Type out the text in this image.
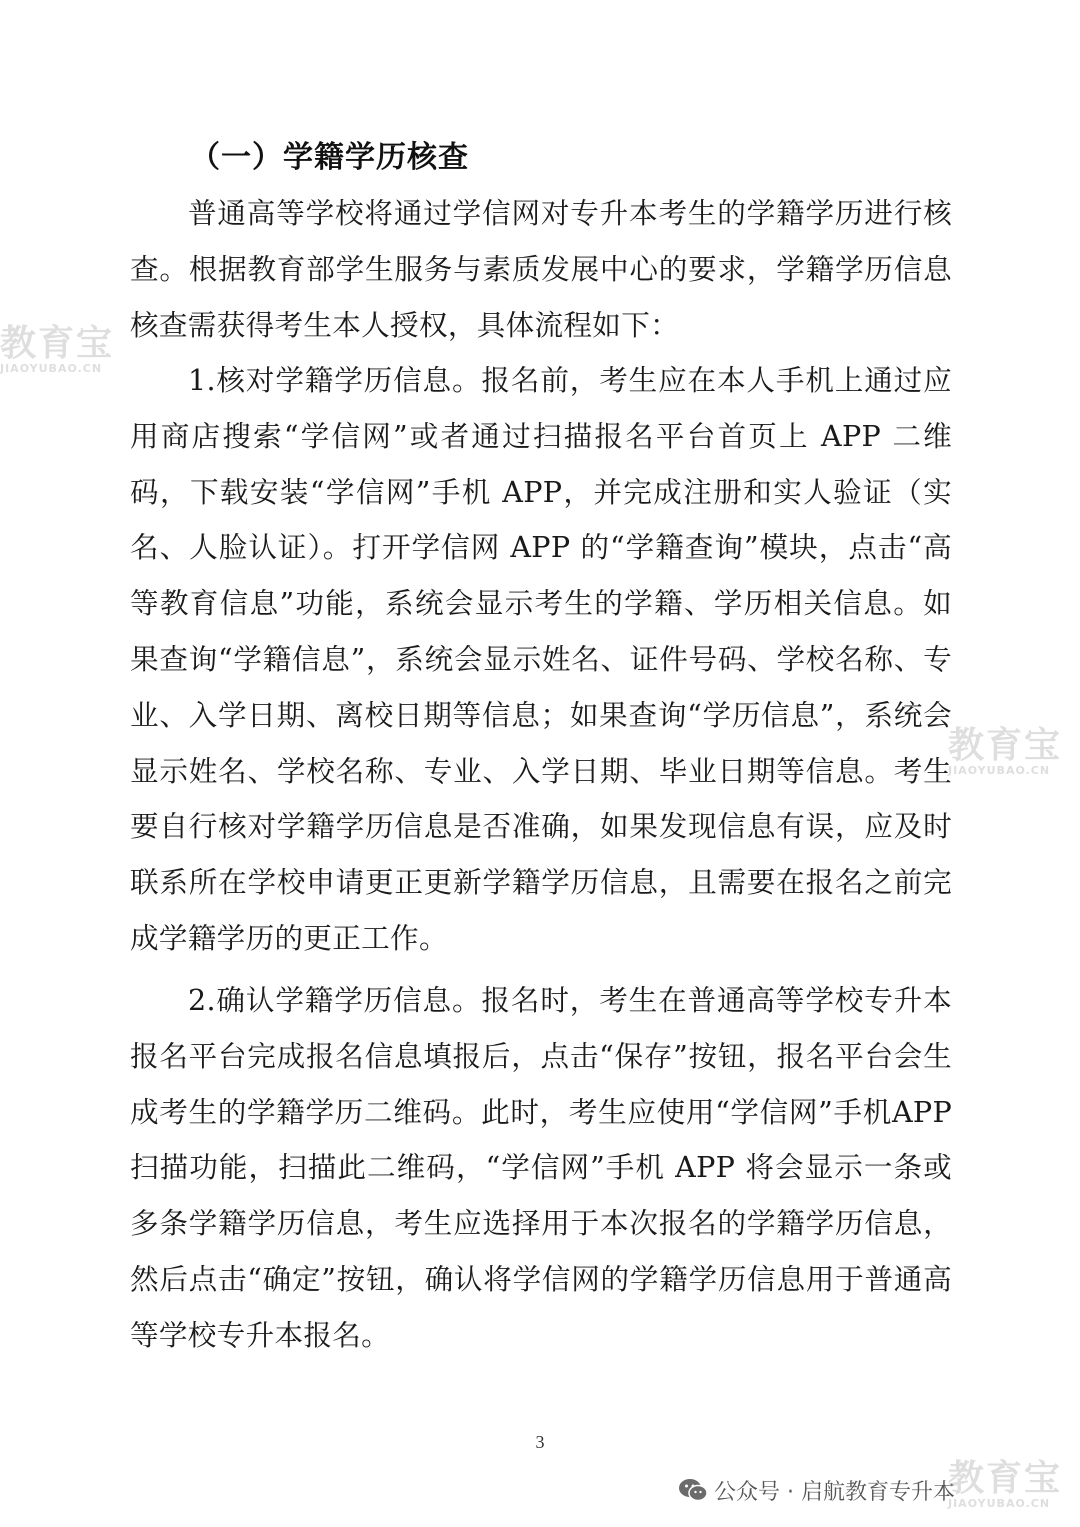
（一）学籍学历核查
普通高等学校将通过学信网对专升本考生的学籍学历进行核查。根据教育部学生服务与素质发展中心的要求，学籍学历信息核查需获得考生本人授权，具体流程如下：
1.核对学籍学历信息。报名前，考生应在本人手机上通过应用商店搜索“学信网”或者通过扫描报名平台首页上 APP 二维码，下载安装“学信网”手机 APP，并完成注册和实人验证（实名、人脸认证）。打开学信网 APP 的“学籍查询”模块，点击“高等教育信息”功能，系统会显示考生的学籍、学历相关信息。如果查询“学籍信息”，系统会显示姓名、证件号码、学校名称、专业、入学日期、离校日期等信息；如果查询“学历信息”，系统会显示姓名、学校名称、专业、入学日期、毕业日期等信息。考生要自行核对学籍学历信息是否准确，如果发现信息有误，应及时联系所在学校申请更正更新学籍学历信息，且需要在报名之前完成学籍学历的更正工作。
2.确认学籍学历信息。报名时，考生在普通高等学校专升本报名平台完成报名信息填报后，点击“保存”按钮，报名平台会生成考生的学籍学历二维码。此时，考生应使用“学信网”手机APP 扫描功能，扫描此二维码，“学信网”手机 APP 将会显示一条或多条学籍学历信息，考生应选择用于本次报名的学籍学历信息，然后点击“确定”按钮，确认将学信网的学籍学历信息用于普通高等学校专升本报名。
3
教育宝
JIAOYUBAO.CN
教育宝
JIAOYUBAO.CN
公众号 · 启航教育专升本
教育宝
JIAOYUBAO.CN
